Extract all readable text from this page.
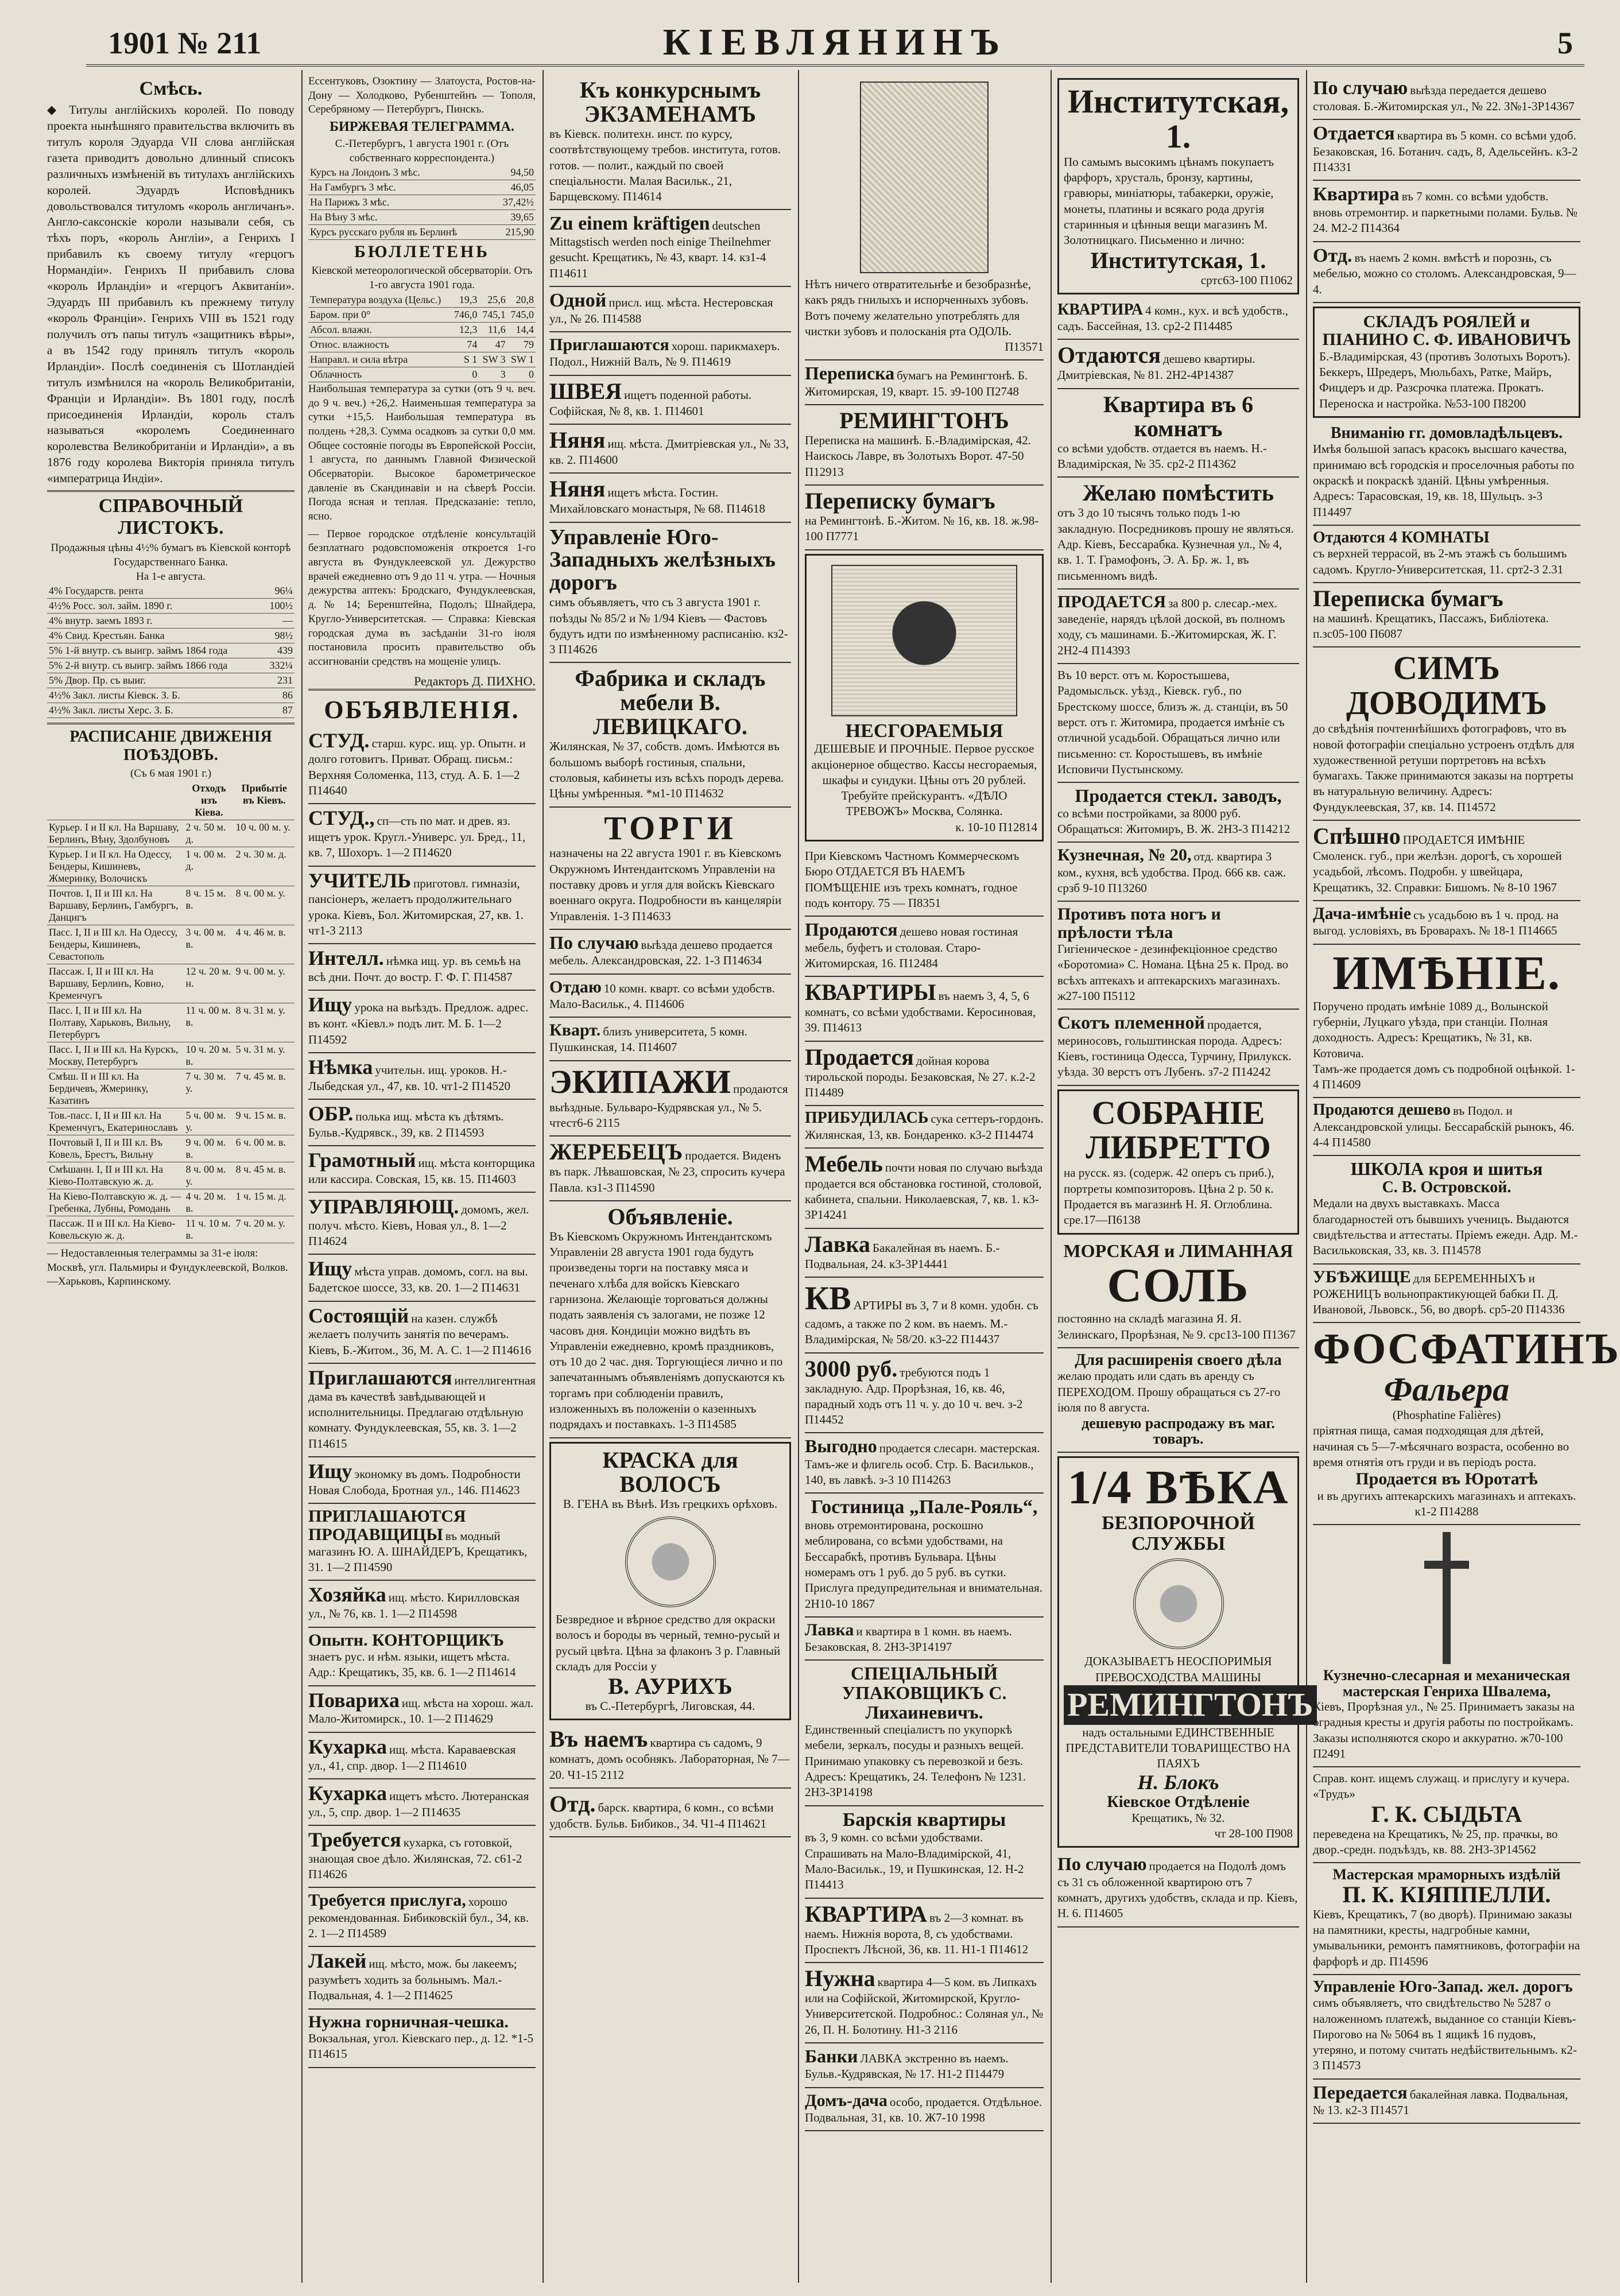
1901 № 211	КІЕВЛЯНИНЪ	5
Смѣсь.
◆ Титулы англійскихъ королей. По поводу проекта нынѣшняго правительства включить въ титулъ короля Эдуарда VII слова англійская газета приводитъ довольно длинный списокъ различныхъ измѣненій въ титулахъ англійскихъ королей. Эдуардъ Исповѣдникъ довольствовался титуломъ «король англичанъ». Англо-саксонскіе короли называли себя, съ тѣхъ поръ, «король Англіи», а Генрихъ I прибавилъ къ своему титулу «герцогъ Нормандіи». Генрихъ II прибавилъ слова «король Ирландіи» и «герцогъ Аквитаніи». Эдуардъ III прибавилъ къ прежнему титулу «король Франціи». Генрихъ VIII въ 1521 году получилъ отъ папы титулъ «защитникъ вѣры», а въ 1542 году принялъ титулъ «король Ирландіи». Послѣ соединенія съ Шотландіей титулъ измѣнился на «король Великобританіи, Франціи и Ирландіи». Въ 1801 году, послѣ присоединенія Ирландіи, король сталъ называться «королемъ Соединеннаго королевства Великобританіи и Ирландіи», а въ 1876 году королева Викторія приняла титулъ «императрица Индіи».
СПРАВОЧНЫЙ ЛИСТОКЪ.
Продажныя цѣны 4½% бумагъ въ Кіевской конторѣ Государственнаго Банка.
На 1-е августа.
4% Государств. рента	96¼
4½% Росс. зол. займ. 1890 г.	100½
4% внутр. заемъ 1893 г.	—
4% Свид. Крестьян. Банка	98½
5% 1-й внутр. съ выигр. займъ 1864 года	439
5% 2-й внутр. съ выигр. займъ 1866 года	332¼
5% Двор. Пр. съ выиг.	231
4½% Закл. листы Кіевск. З. Б.	86
4½% Закл. листы Херс. З. Б.	87
РАСПИСАНІЕ ДВИЖЕНІЯ ПОѢЗДОВЪ.
(Съ 6 мая 1901 г.)
	Отходъ изъ Кіева.	Прибытіе въ Кіевъ.
Курьер. I и II кл. На Варшаву, Берлинъ, Вѣну, Здолбуновъ	2 ч. 50 м. д.	10 ч. 00 м. у.
Курьер. I и II кл. На Одессу, Бендеры, Кишиневъ, Жмеринку, Волочискъ	1 ч. 00 м. д.	2 ч. 30 м. д.
Почтов. I, II и III кл. На Варшаву, Берлинъ, Гамбургъ, Данцигъ	8 ч. 15 м. в.	8 ч. 00 м. у.
Пасс. I, II и III кл. На Одессу, Бендеры, Кишиневъ, Севастополь	3 ч. 00 м. в.	4 ч. 46 м. в.
Пассаж. I, II и III кл. На Варшаву, Берлинъ, Ковно, Кременчугъ	12 ч. 20 м. н.	9 ч. 00 м. у.
Пасс. I, II и III кл. На Полтаву, Харьковъ, Вильну, Петербургъ	11 ч. 00 м. в.	8 ч. 31 м. у.
Пасс. I, II и III кл. На Курскъ, Москву, Петербургъ	10 ч. 20 м. в.	5 ч. 31 м. у.
Смѣш. II и III кл. На Бердичевъ, Жмеринку, Казатинъ	7 ч. 30 м. у.	7 ч. 45 м. в.
Тов.-пасс. I, II и III кл. На Кременчугъ, Екатеринославъ	5 ч. 00 м. у.	9 ч. 15 м. в.
Почтовый I, II и III кл. Въ Ковель, Брестъ, Вильну	9 ч. 00 м. в.	6 ч. 00 м. в.
Смѣшанн. I, II и III кл. На Кіево-Полтавскую ж. д.	8 ч. 00 м. у.	8 ч. 45 м. в.
На Кіево-Полтавскую ж. д. — Гребенка, Лубны, Ромодань	4 ч. 20 м. в.	1 ч. 15 м. д.
Пассаж. II и III кл. На Кіево-Ковельскую ж. д.	11 ч. 10 м. в.	7 ч. 20 м. у.
— Недоставленныя телеграммы за 31-е іюля: Москвѣ, угл. Пальмиры и Фундуклеевской, Волков.—Харьковъ, Карпинскому.
Ессентуковъ, Озоктину — Златоуста, Ростов-на-Дону — Холодково, Рубенштейнъ — Тополя, Серебряному — Петербургъ, Пинскъ.
БИРЖЕВАЯ ТЕЛЕГРАММА.
С.-Петербургъ, 1 августа 1901 г. (Отъ собственнаго корреспондента.)
Курсъ на Лондонъ 3 мѣс.	94,50
На Гамбургъ 3 мѣс.	46,05
На Парижъ 3 мѣс.	37,42½
На Вѣну 3 мѣс.	39,65
Курсъ русскаго рубля въ Берлинѣ	215,90
БЮЛЛЕТЕНЬ
Кіевской метеорологической обсерваторіи. Отъ 1-го августа 1901 года.
Температура воздуха (Цельс.)	19,3	25,6	20,8
Баром. при 0°	746,0	745,1	745,0
Абсол. влажн.	12,3	11,6	14,4
Относ. влажность	74	47	79
Направл. и сила вѣтра	S 1	SW 3	SW 1
Облачность	0	3	0
Наибольшая температура за сутки (отъ 9 ч. веч. до 9 ч. веч.) +26,2. Наименьшая температура за сутки +15,5. Наибольшая температура въ полдень +28,3. Сумма осадковъ за сутки 0,0 мм. Общее состояніе погоды въ Европейской Россіи, 1 августа, по даннымъ Главной Физической Обсерваторіи. Высокое барометрическое давленіе въ Скандинавіи и на сѣверѣ Россіи. Погода ясная и теплая. Предсказаніе: тепло, ясно.
— Первое городское отдѣленіе консультацій безплатнаго родовспоможенія откроется 1-го августа въ Фундуклеевской ул. Дежурство врачей ежедневно отъ 9 до 11 ч. утра. — Ночныя дежурства аптекъ: Бродскаго, Фундуклеевская, д. № 14; Беренштейна, Подолъ; Шнайдера, Кругло-Университетская. — Справка: Кіевская городская дума въ засѣданіи 31-го іюля постановила просить правительство объ ассигнованіи средствъ на мощеніе улицъ.
Редакторъ Д. ПИХНО.
ОБЪЯВЛЕНІЯ.
СТУД. старш. курс. ищ. ур. Опытн. и долго готовитъ. Приват. Обращ. письм.: Верхняя Соломенка, 113, студ. А. Б. 1—2 П14640
СТУД., сп—сть по мат. и древ. яз. ищетъ урок. Кругл.-Универс. ул. Бред., 11, кв. 7, Шохоръ. 1—2 П14620
УЧИТЕЛЬ приготовл. гимназіи, пансіонеръ, желаетъ продолжительнаго урока. Кіевъ, Бол. Житомирская, 27, кв. 1. чт1-3 2113
Интелл. нѣмка ищ. ур. въ семьѣ на всѣ дни. Почт. до востр. Г. Ф. Г. П14587
Ищу урока на выѣздъ. Предлож. адрес. въ конт. «Кіевл.» подъ лит. М. Б. 1—2 П14592
Нѣмка учительн. ищ. уроков. Н.-Лыбедская ул., 47, кв. 10. чт1-2 П14520
ОБР. полька ищ. мѣста къ дѣтямъ. Бульв.-Кудрявск., 39, кв. 2 П14593
Грамотный ищ. мѣста конторщика или кассира. Совская, 15, кв. 15. П14603
УПРАВЛЯЮЩ. домомъ, жел. получ. мѣсто. Кіевъ, Новая ул., 8. 1—2 П14624
Ищу мѣста управ. домомъ, согл. на вы. Бадетское шоссе, 33, кв. 20. 1—2 П14631
Состоящій на казен. службѣ желаетъ получить занятія по вечерамъ. Кіевъ, Б.-Житом., 36, М. А. С. 1—2 П14616
Приглашаются интеллигентная дама въ качествѣ завѣдывающей и исполнительницы. Предлагаю отдѣльную комнату. Фундуклеевская, 55, кв. 3. 1—2 П14615
Ищу экономку въ домъ. Подробности Новая Слобода, Бротная ул., 146. П14623
ПРИГЛАШАЮТСЯ ПРОДАВЩИЦЫ въ модный магазинъ Ю. А. ШНАЙДЕРЪ, Крещатикъ, 31. 1—2 П14590
Хозяйка ищ. мѣсто. Кирилловская ул., № 76, кв. 1. 1—2 П14598
Опытн. КОНТОРЩИКЪ знаетъ рус. и нѣм. языки, ищетъ мѣста. Адр.: Крещатикъ, 35, кв. 6. 1—2 П14614
Повариха ищ. мѣста на хорош. жал. Мало-Житомирск., 10. 1—2 П14629
Кухарка ищ. мѣста. Караваевская ул., 41, спр. двор. 1—2 П14610
Кухарка ищетъ мѣсто. Лютеранская ул., 5, спр. двор. 1—2 П14635
Требуется кухарка, съ готовкой, знающая свое дѣло. Жилянская, 72. с61-2 П14626
Требуется прислуга, хорошо рекомендованная. Бибиковскій бул., 34, кв. 2. 1—2 П14589
Лакей ищ. мѣсто, мож. бы лакеемъ; разумѣетъ ходить за больнымъ. Мал.-Подвальная, 4. 1—2 П14625
Нужна горничная-чешка. Вокзальная, угол. Кіевскаго пер., д. 12. *1-5 П14615
Къ конкурснымъ ЭКЗАМЕНАМЪ
въ Кіевск. политехн. инст. по курсу, соотвѣтствующему требов. института, готов. готов. — полит., каждый по своей спеціальности. Малая Васильк., 21, Барщевскому. П14614
Zu einem kräftigen deutschen Mittagstisch werden noch einige Theilnehmer gesucht. Крещатикъ, № 43, кварт. 14. кз1-4 П14611
Одной присл. ищ. мѣста. Нестеровская ул., № 26. П14588
Приглашаются хорош. парикмахеръ. Подол., Нижній Валъ, № 9. П14619
ШВЕЯ ищетъ поденной работы. Софійская, № 8, кв. 1. П14601
Няня ищ. мѣста. Дмитріевская ул., № 33, кв. 2. П14600
Няня ищетъ мѣста. Гостин. Михайловскаго монастыря, № 68. П14618
Управленіе Юго-Западныхъ желѣзныхъ дорогъ
симъ объявляетъ, что съ 3 августа 1901 г. поѣзды № 85/2 и № 1/94 Кіевъ — Фастовъ будутъ идти по измѣненному расписанію. кз2-3 П14626
Фабрика и складъ мебели В. ЛЕВИЦКАГО.
Жилянская, № 37, собств. домъ. Имѣются въ большомъ выборѣ гостиныя, спальни, столовыя, кабинеты изъ всѣхъ породъ дерева. Цѣны умѣренныя. *м1-10 П14632
ТОРГИ
назначены на 22 августа 1901 г. въ Кіевскомъ Окружномъ Интендантскомъ Управленіи на поставку дровъ и угля для войскъ Кіевскаго военнаго округа. Подробности въ канцеляріи Управленія. 1-3 П14633
По случаю выѣзда дешево продается мебель. Александровская, 22. 1-3 П14634
Отдаю 10 комн. кварт. со всѣми удобств. Мало-Васильк., 4. П14606
Кварт. близъ университета, 5 комн. Пушкинская, 14. П14607
ЭКИПАЖИ продаются выѣздные. Бульваро-Кудрявская ул., № 5. чтест6-6 2115
ЖЕРЕБЕЦЪ продается. Виденъ въ парк. Лѣвашовская, № 23, спросить кучера Павла. кз1-3 П14590
Объявленіе.
Въ Кіевскомъ Окружномъ Интендантскомъ Управленіи 28 августа 1901 года будутъ произведены торги на поставку мяса и печенаго хлѣба для войскъ Кіевскаго гарнизона. Желающіе торговаться должны подать заявленія съ залогами, не позже 12 часовъ дня. Кондиціи можно видѣть въ Управленіи ежедневно, кромѣ праздниковъ, отъ 10 до 2 час. дня. Торгующіеся лично и по запечатаннымъ объявленіямъ допускаются къ торгамъ при соблюденіи правилъ, изложенныхъ въ положеніи о казенныхъ подрядахъ и поставкахъ. 1-3 П14585
КРАСКА для ВОЛОСЪ
В. ГЕНА въ Вѣнѣ. Изъ грецкихъ орѣховъ.
Безвредное и вѣрное средство для окраски волосъ и бороды въ черный, темно-русый и русый цвѣта. Цѣна за флаконъ 3 р. Главный складъ для Россіи у
В. АУРИХЪ
въ С.-Петербургѣ, Лиговская, 44.
Въ наемъ квартира съ садомъ, 9 комнатъ, домъ особнякъ. Лабораторная, № 7—20. Ч1-15 2112
Отд. барск. квартира, 6 комн., со всѣми удобств. Бульв. Бибиков., 34. Ч1-4 П14621
Нѣтъ ничего отвратительнѣе и безобразнѣе, какъ рядъ гнилыхъ и испорченныхъ зубовъ. Вотъ почему желательно употреблять для чистки зубовъ и полосканія рта ОДОЛЬ.
П13571
Переписка бумагъ на Ремингтонѣ. Б. Житомирская, 19, кварт. 15. з9-100 П2748
РЕМИНГТОНЪ
Переписка на машинѣ. Б.-Владимірская, 42. Наискось Лавре, въ Золотыхъ Ворот. 47-50 П12913
Переписку бумагъ
на Ремингтонѣ. Б.-Житом. № 16, кв. 18. ж.98-100 П7771
НЕСГОРАЕМЫЯ
ДЕШЕВЫЕ И ПРОЧНЫЕ. Первое русское акціонерное общество. Кассы несгораемыя, шкафы и сундуки. Цѣны отъ 20 рублей. Требуйте прейскурантъ. «ДѢЛО ТРЕВОЖЪ» Москва, Солянка.
к. 10-10 П12814
При Кіевскомъ Частномъ Коммерческомъ Бюро ОТДАЕТСЯ ВЪ НАЕМЪ ПОМѢЩЕНІЕ изъ трехъ комнатъ, годное подъ контору. 75 — П8351
Продаются дешево новая гостиная мебель, буфетъ и столовая. Старо-Житомирская, 16. П12484
КВАРТИРЫ въ наемъ 3, 4, 5, 6 комнатъ, со всѣми удобствами. Керосиновая, 39. П14613
Продается дойная корова тирольской породы. Безаковская, № 27. к.2-2 П14489
ПРИБУДИЛАСЬ сука сеттеръ-гордонъ. Жилянская, 13, кв. Бондаренко. к3-2 П14474
Мебель почти новая по случаю выѣзда продается вся обстановка гостиной, столовой, кабинета, спальни. Николаевская, 7, кв. 1. к3-3Р14241
Лавка Бакалейная въ наемъ. Б.-Подвальная, 24. к3-3Р14441
КВ АРТИРЫ въ 3, 7 и 8 комн. удобн. съ садомъ, а также по 2 ком. въ наемъ. М.-Владимірская, № 58/20. к3-22 П14437
3000 руб. требуются подъ 1 закладную. Адр. Прорѣзная, 16, кв. 46, парадный ходъ отъ 11 ч. у. до 10 ч. веч. з-2 П14452
Выгодно продается слесарн. мастерская. Тамъ-же и флигель особ. Стр. Б. Васильков., 140, въ лавкѣ. з-3 10 П14263
Гостиница „Пале-Рояль“,
вновь отремонтирована, роскошно меблирована, со всѣми удобствами, на Бессарабкѣ, противъ Бульвара. Цѣны номерамъ отъ 1 руб. до 5 руб. въ сутки. Прислуга предупредительная и внимательная. 2Н10-10 1867
Лавка и квартира в 1 комн. въ наемъ. Безаковская, 8. 2Н3-3Р14197
СПЕЦІАЛЬНЫЙ УПАКОВЩИКЪ С. Лихаиневичъ.
Единственный спеціалистъ по укупоркѣ мебели, зеркалъ, посуды и разныхъ вещей. Принимаю упаковку съ перевозкой и безъ. Адресъ: Крещатикъ, 24. Телефонъ № 1231. 2Н3-3Р14198
Барскія квартиры
въ 3, 9 комн. со всѣми удобствами. Спрашивать на Мало-Владимірской, 41, Мало-Васильк., 19, и Пушкинская, 12. Н-2 П14413
КВАРТИРА въ 2—3 комнат. въ наемъ. Нижнія ворота, 8, съ удобствами. Проспектъ Лѣсной, 36, кв. 11. Н1-1 П14612
Нужна квартира 4—5 ком. въ Липкахъ или на Софійской, Житомирской, Кругло-Университетской. Подробнос.: Соляная ул., № 26, П. Н. Болотину. Н1-3 2116
Банки ЛАВКА экстренно въ наемъ. Бульв.-Кудрявская, № 17. Н1-2 П14479
Домъ-дача особо, продается. Отдѣльное. Подвальная, 31, кв. 10. Ж7-10 1998
Институтская, 1.
По самымъ высокимъ цѣнамъ покупаетъ фарфоръ, хрусталь, бронзу, картины, гравюры, миніатюры, табакерки, оружіе, монеты, платины и всякаго рода другія старинныя и цѣнныя вещи магазинъ М. Золотницкаго. Письменно и лично:
Институтская, 1.
сртс63-100 П1062
КВАРТИРА 4 комн., кух. и всѣ удобств., садъ. Бассейная, 13. ср2-2 П14485
Отдаются дешево квартиры. Дмитріевская, № 81. 2Н2-4Р14387
Квартира въ 6 комнатъ
со всѣми удобств. отдается въ наемъ. Н.-Владимірская, № 35. ср2-2 П14362
Желаю помѣстить
отъ 3 до 10 тысячъ только подъ 1-ю закладную. Посредниковъ прошу не являться. Адр. Кіевъ, Бессарабка. Кузнечная ул., № 4, кв. 1. Т. Грамофонъ, Э. А. Бр. ж. 1, въ письменномъ видѣ.
ПРОДАЕТСЯ за 800 р. слесар.-мех. заведеніе, нарядъ цѣлой доской, въ полномъ ходу, съ машинами. Б.-Житомирская, Ж. Г. 2Н2-4 П14393
Въ 10 верст. отъ м. Коростышева, Радомысльск. уѣзд., Кіевск. губ., по Брестскому шоссе, близъ ж. д. станціи, въ 50 верст. отъ г. Житомира, продается имѣніе съ отличной усадьбой. Обращаться лично или письменно: ст. Коростышевъ, въ имѣніе Исповичи Пустынскому.
Продается стекл. заводъ,
со всѣми постройками, за 8000 руб. Обращаться: Житомиръ, В. Ж. 2Н3-3 П14212
Кузнечная, № 20, отд. квартира 3 ком., кухня, всѣ удобства. Прод. 666 кв. саж. срзб 9-10 П13260
Противъ пота ногъ и прѣлости тѣла
Гигіеническое - дезинфекціонное средство «Боротомиа» С. Номана. Цѣна 25 к. Прод. во всѣхъ аптекахъ и аптекарскихъ магазинахъ. ж27-100 П5112
Скотъ племенной продается, мериносовъ, гольштинская порода. Адресъ: Кіевъ, гостиница Одесса, Турчину, Прилукск. уѣзда. 30 верстъ отъ Лубенъ. з7-2 П14242
СОБРАНІЕ ЛИБРЕТТО
на русск. яз. (содерж. 42 оперъ съ приб.), портреты композиторовъ. Цѣна 2 р. 50 к. Продается въ магазинѣ Н. Я. Оглоблина. сре.17—П6138
МОРСКАЯ и ЛИМАННАЯ
СОЛЬ
постоянно на складѣ магазина Я. Я. Зелинскаго, Прорѣзная, № 9. срс13-100 П1367
Для расширенія своего дѣла
желаю продать или сдать въ аренду съ ПЕРЕХОДОМ. Прошу обращаться съ 27-го іюля по 8 августа.
дешевую распродажу въ маг. товаръ.
1/4 ВѢКА
БЕЗПОРОЧНОЙ СЛУЖБЫ
ДОКАЗЫВАЕТЪ НЕОСПОРИМЫЯ ПРЕВОСХОДСТВА МАШИНЫ
РЕМИНГТОНЪ
надъ остальными ЕДИНСТВЕННЫЕ ПРЕДСТАВИТЕЛИ ТОВАРИЩЕСТВО НА ПАЯХЪ
Н. Блокъ
Кіевское Отдѣленіе
Крещатикъ, № 32.
чт 28-100 П908
По случаю продается на Подолѣ домъ съ 31 съ обложенной квартирою отъ 7 комнатъ, другихъ удобствъ, склада и пр. Кіевъ, Н. 6. П14605
По случаю выѣзда передается дешево столовая. Б.-Житомирская ул., № 22. З№1-3Р14367
Отдается квартира въ 5 комн. со всѣми удоб. Безаковская, 16. Ботанич. садъ, 8, Адельсейнъ. к3-2 П14331
Квартира въ 7 комн. со всѣми удобств. вновь отремонтир. и паркетными полами. Бульв. № 24. М2-2 П14364
Отд. въ наемъ 2 комн. вмѣстѣ и порознь, съ мебелью, можно со столомъ. Александровская, 9—4.
СКЛАДЪ РОЯЛЕЙ и ПІАНИНО С. Ф. ИВАНОВИЧЪ
Б.-Владимірская, 43 (противъ Золотыхъ Воротъ). Беккеръ, Шредеръ, Мюльбахъ, Ратке, Майръ, Фицдеръ и др. Разсрочка платежа. Прокатъ. Переноска и настройка. №53-100 П8200
Вниманію гг. домовладѣльцевъ.
Имѣя большой запасъ красокъ высшаго качества, принимаю всѣ городскія и проселочныя работы по окраскѣ и покраскѣ зданій. Цѣны умѣренныя. Адресъ: Тарасовская, 19, кв. 18, Шульцъ. з-3 П14497
Отдаются 4 КОМНАТЫ
съ верхней террасой, въ 2-мъ этажѣ съ большимъ садомъ. Кругло-Университетская, 11. срт2-3 2.31
Переписка бумагъ
на машинѣ. Крещатикъ, Пассажъ, Библіотека. п.зс05-100 П6087
СИМЪ ДОВОДИМЪ
до свѣдѣнія почтеннѣйшихъ фотографовъ, что въ новой фотографіи спеціально устроенъ отдѣлъ для художественной ретуши портретовъ на всѣхъ бумагахъ. Также принимаются заказы на портреты въ натуральную величину. Адресъ: Фундуклеевская, 37, кв. 14. П14572
Спѣшно ПРОДАЕТСЯ ИМѢНІЕ Смоленск. губ., при желѣзн. дорогѣ, съ хорошей усадьбой, лѣсомъ. Подробн. у швейцара, Крещатикъ, 32. Справки: Бишомъ. № 8-10 1967
Дача-имѣніе съ усадьбою въ 1 ч. прод. на выгод. условіяхъ, въ Броварахъ. № 18-1 П14665
ИМѢНІЕ.
Поручено продать имѣніе 1089 д., Волынской губерніи, Луцкаго уѣзда, при станціи. Полная доходность. Адресъ: Крещатикъ, № 31, кв. Котовича.
Тамъ-же продается домъ съ подробной оцѣнкой. 1-4 П14609
Продаются дешево въ Подол. и Александровской улицы. Бессарабскій рынокъ, 46. 4-4 П14580
ШКОЛА кроя и шитья
С. В. Островской.
Медали на двухъ выставкахъ. Масса благодарностей отъ бывшихъ ученицъ. Выдаются свидѣтельства и аттестаты. Пріемъ ежедн. Адр. М.-Васильковская, 33, кв. 3. П14578
УБѢЖИЩЕ для БЕРЕМЕННЫХЪ и РОЖЕНИЦЪ вольнопрактикующей бабки П. Д. Ивановой, Львовск., 56, во дворѣ. ср5-20 П14336
ФОСФАТИНЪ
Фальера
(Phosphatine Falières)
пріятная пища, самая подходящая для дѣтей, начиная съ 5—7-мѣсячнаго возраста, особенно во время отнятія отъ груди и въ періодъ роста.
Продается въ Юротатѣ
и въ другихъ аптекарскихъ магазинахъ и аптекахъ. к1-2 П14288
Кузнечно-слесарная и механическая мастерская Генриха Швалема,
Кіевъ, Прорѣзная ул., № 25. Принимаетъ заказы на оградныя кресты и другія работы по постройкамъ. Заказы исполняются скоро и аккуратно. ж70-100 П2491
Справ. конт. ищемъ служащ. и прислугу и кучера. «Трудъ»
Г. К. СЫДЬТА
переведена на Крещатикъ, № 25, пр. прачкы, во двор.-средн. подъѣздъ, кв. 88. 2Н3-3Р14562
Мастерская мраморныхъ издѣлій
П. К. КІЯППЕЛЛИ.
Кіевъ, Крещатикъ, 7 (во дворѣ). Принимаю заказы на памятники, кресты, надгробные камни, умывальники, ремонтъ памятниковъ, фотографіи на фарфорѣ и др. П14596
Управленіе Юго-Запад. жел. дорогъ
симъ объявляетъ, что свидѣтельство № 5287 о наложенномъ платежѣ, выданное со станціи Кіевъ-Пирогово на № 5064 въ 1 ящикѣ 16 пудовъ, утеряно, и потому считать недѣйствительнымъ. к2-3 П14573
Передается бакалейная лавка. Подвальная, № 13. к2-3 П14571
